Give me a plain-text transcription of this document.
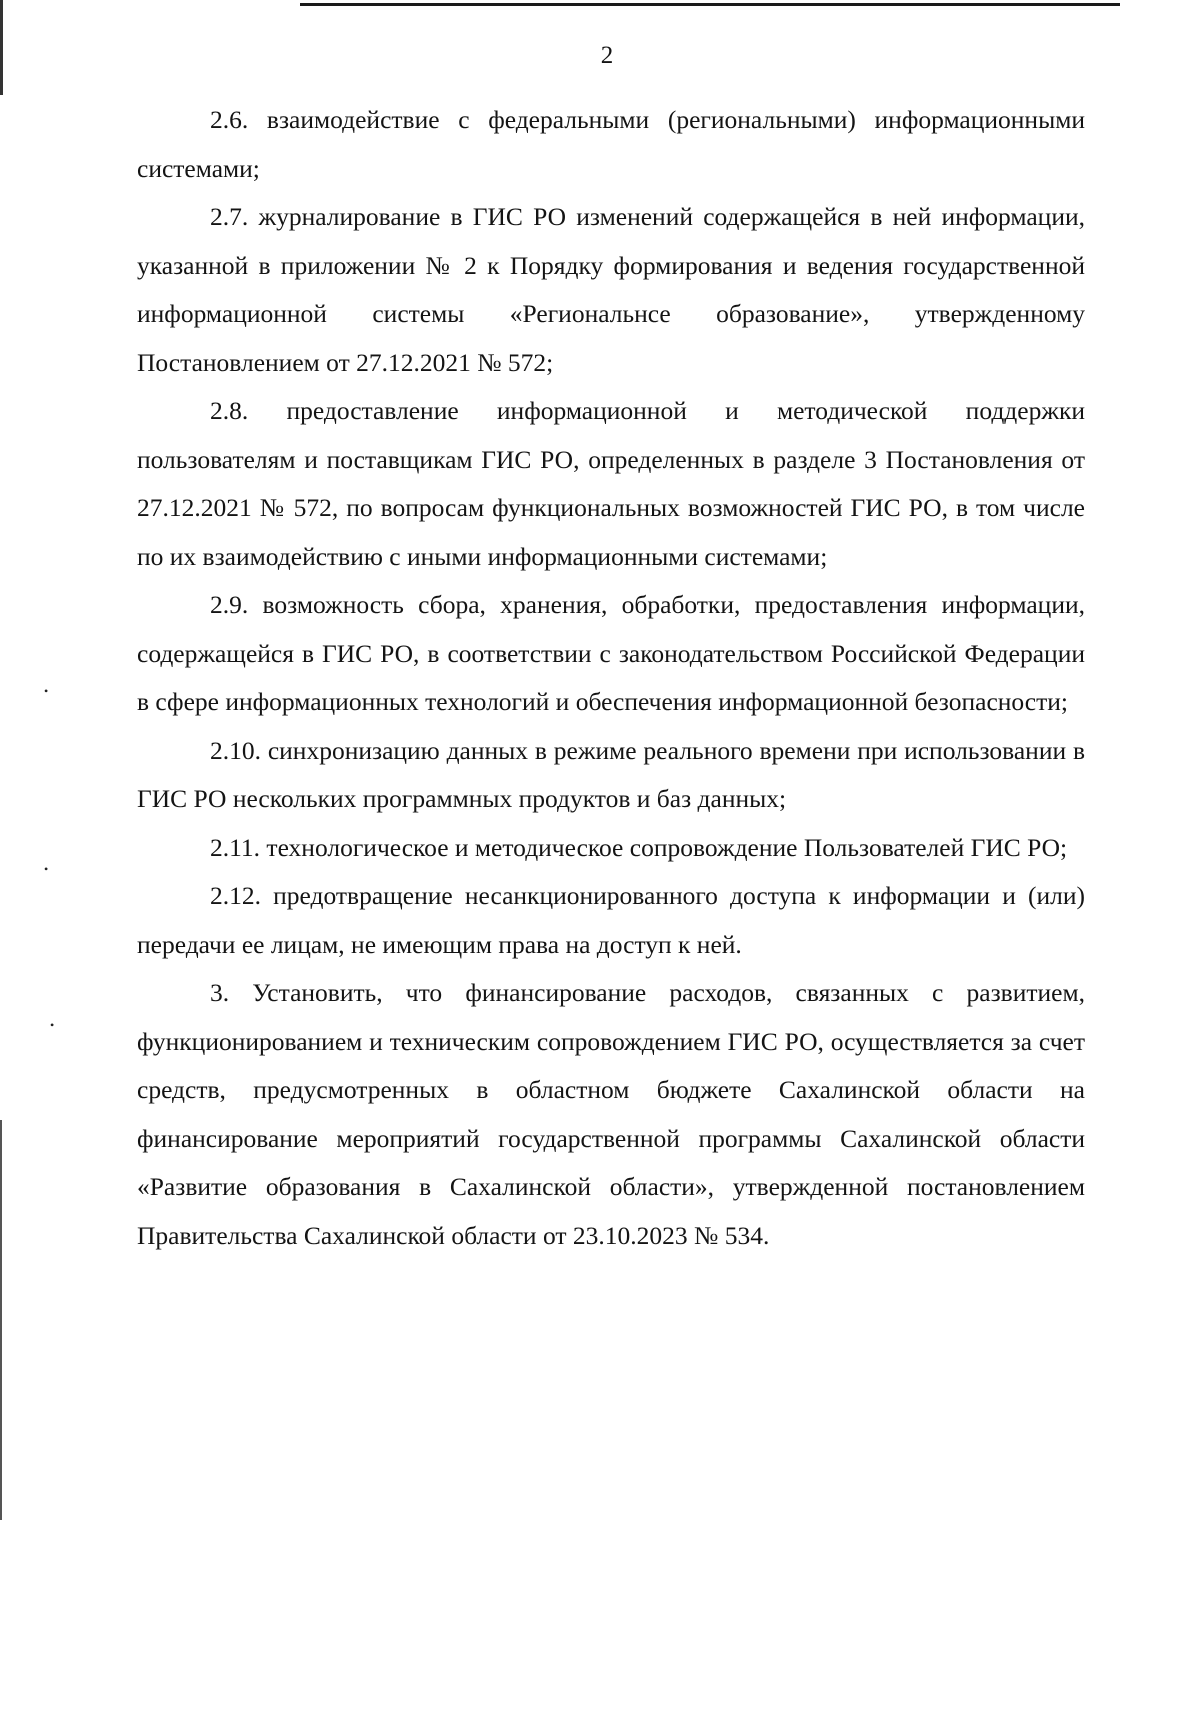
•
•
•
2

2.6. взаимодействие с федеральными (региональными) информационными системами;

2.7. журналирование в ГИС РО изменений содержащейся в ней информации, указанной в приложении № 2 к Порядку формирования и ведения государственной информационной системы «Региональнсе образование», утвержденному Постановлением от 27.12.2021 № 572;

2.8. предоставление информационной и методической поддержки пользователям и поставщикам ГИС РО, определенных в разделе 3 Постановления от 27.12.2021 № 572, по вопросам функциональных возможностей ГИС РО, в том числе по их взаимодействию с иными информационными системами;

2.9. возможность сбора, хранения, обработки, предоставления информации, содержащейся в ГИС РО, в соответствии с законодательством Российской Федерации в сфере информационных технологий и обеспечения информационной безопасности;

2.10. синхронизацию данных в режиме реального времени при использовании в ГИС РО нескольких программных продуктов и баз данных;

2.11. технологическое и методическое сопровождение Пользователей ГИС РО;

2.12. предотвращение несанкционированного доступа к информации и (или) передачи ее лицам, не имеющим права на доступ к ней.

3. Установить, что финансирование расходов, связанных с развитием, функционированием и техническим сопровождением ГИС РО, осуществляется за счет средств, предусмотренных в областном бюджете Сахалинской области на финансирование мероприятий государственной программы Сахалинской области «Развитие образования в Сахалинской области», утвержденной постановлением Правительства Сахалинской области от 23.10.2023 № 534.
